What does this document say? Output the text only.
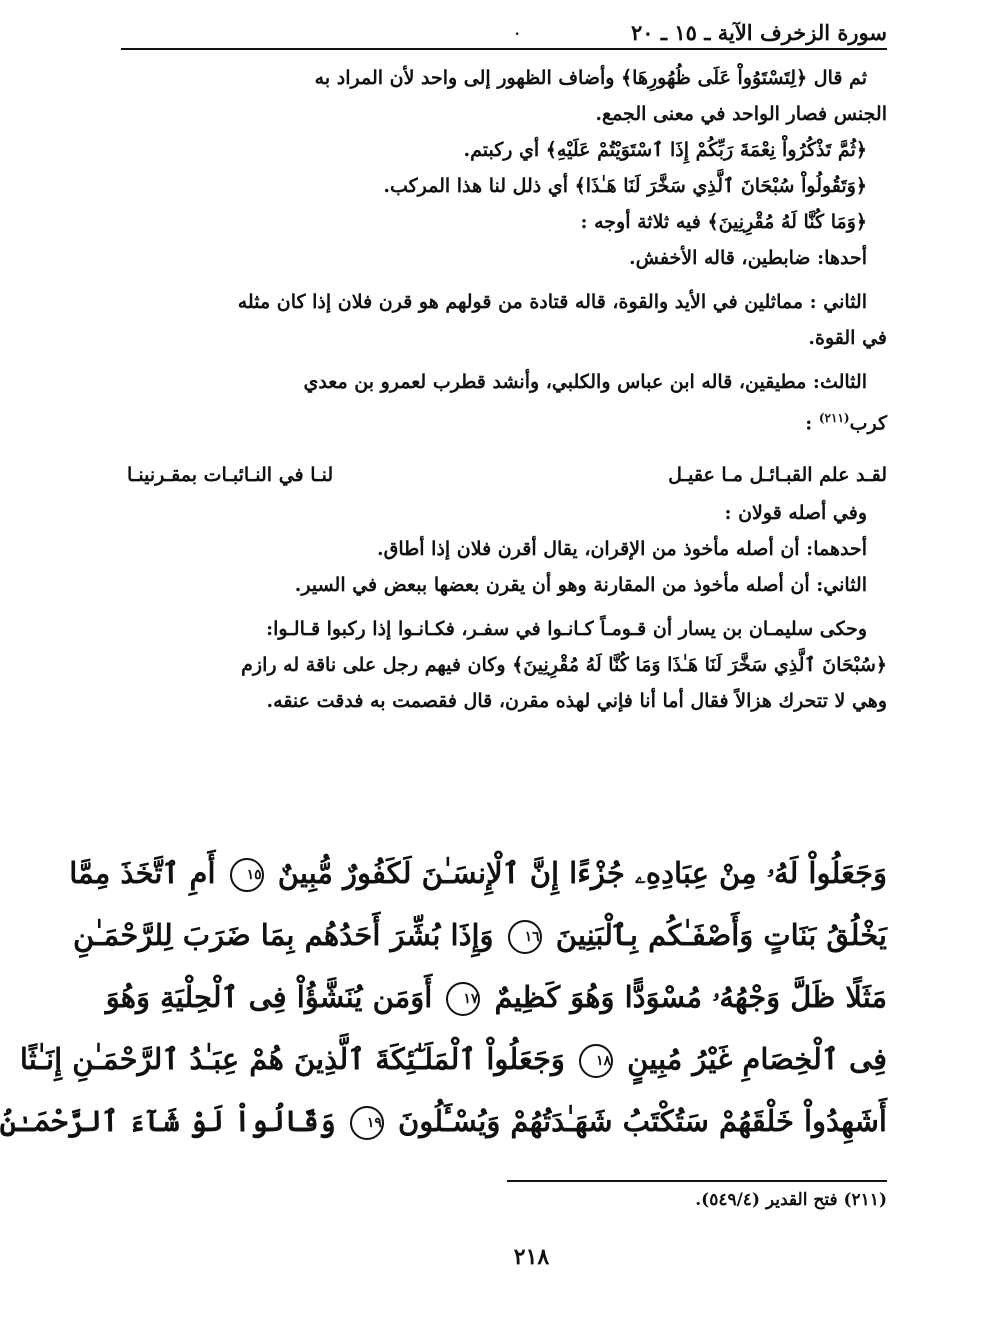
سورة الزخرف الآية ـ ١٥ ـ ٢٠
.
ثم قال ﴿لِتَسْتَوُواْ عَلَى ظُهُورِهَا﴾ وأضاف الظهور إلى واحد لأن المراد به
الجنس فصار الواحد في معنى الجمع.
﴿ثُمَّ تَذْكُرُواْ نِعْمَةَ رَبِّكُمْ إِذَا ٱسْتَوَيْتُمْ عَلَيْهِ﴾ أي ركبتم.
﴿وَتَقُولُواْ سُبْحَانَ ٱلَّذِي سَخَّرَ لَنَا هَـٰذَا﴾ أي ذلل لنا هذا المركب.
﴿وَمَا كُنَّا لَهُ مُقْرِنِينَ﴾ فيه ثلاثة أوجه :
أحدها: ضابطين، قاله الأخفش.
الثاني : مماثلين في الأيد والقوة، قاله قتادة من قولهم هو قرن فلان إذا كان مثله
في القوة.
الثالث: مطيقين، قاله ابن عباس والكلبي، وأنشد قطرب لعمرو بن معدي
كرب$^{(٢١١)}$ :
لقـد علم القبـائـل مـا عقيـل
لنـا في النـائبـات بمقـرنينـا
وفي أصله قولان :
أحدهما: أن أصله مأخوذ من الإقران، يقال أقرن فلان إذا أطاق.
الثاني: أن أصله مأخوذ من المقارنة وهو أن يقرن بعضها ببعض في السير.
وحكى سليمـان بن يسار أن قـومـاً كـانـوا في سفـر، فكـانـوا إذا ركبوا قـالـوا:
﴿سُبْحَانَ ٱلَّذِي سَخَّرَ لَنَا هَـٰذَا وَمَا كُنَّا لَهُ مُقْرِنِينَ﴾ وكان فيهم رجل على ناقة له رازم
وهي لا تتحرك هزالاً فقال أما أنا فإني لهذه مقرن، قال فقصمت به فدقت عنقه.
وَجَعَلُواْ لَهُۥ مِنْ عِبَادِهِۦ جُزْءًا إِنَّ ٱلْإِنسَـٰنَ لَكَفُورٌ مُّبِينٌ ١٥ أَمِ ٱتَّخَذَ مِمَّا
يَخْلُقُ بَنَاتٍ وَأَصْفَـٰكُم بِٱلْبَنِينَ ١٦ وَإِذَا بُشِّرَ أَحَدُهُم بِمَا ضَرَبَ لِلرَّحْمَـٰنِ
مَثَلًا ظَلَّ وَجْهُهُۥ مُسْوَدًّا وَهُوَ كَظِيمٌ ١٧ أَوَمَن يُنَشَّؤُاْ فِى ٱلْحِلْيَةِ وَهُوَ
فِى ٱلْخِصَامِ غَيْرُ مُبِينٍ ١٨ وَجَعَلُواْ ٱلْمَلَـٰٓئِكَةَ ٱلَّذِينَ هُمْ عِبَـٰدُ ٱلرَّحْمَـٰنِ إِنَـٰثًا
أَشَهِدُواْ خَلْقَهُمْ سَتُكْتَبُ شَهَـٰدَتُهُمْ وَيُسْـَٔلُونَ ١٩ وَقَالُواْ لَوْ شَآءَ ٱلرَّحْمَـٰنُ
(٢١١) فتح القدير (٥٤٩/٤).
٢١٨
